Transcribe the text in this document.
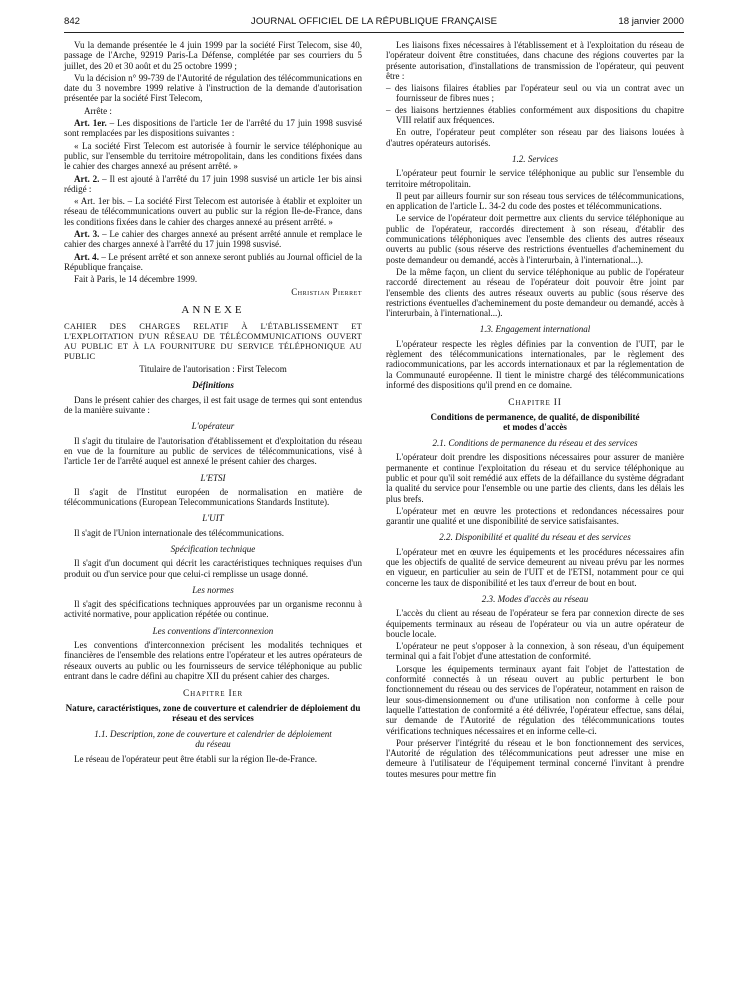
842	JOURNAL OFFICIEL DE LA RÉPUBLIQUE FRANÇAISE	18 janvier 2000

Vu la demande présentée le 4 juin 1999 par la société First Telecom, sise 40, passage de l'Arche, 92919 Paris-La Défense, complétée par ses courriers du 5 juillet, des 20 et 30 août et du 25 octobre 1999 ;

Vu la décision n° 99-739 de l'Autorité de régulation des télécommunications en date du 3 novembre 1999 relative à l'instruction de la demande d'autorisation présentée par la société First Telecom,

Arrête :

Art. 1er. – Les dispositions de l'article 1er de l'arrêté du 17 juin 1998 susvisé sont remplacées par les dispositions suivantes :

« La société First Telecom est autorisée à fournir le service téléphonique au public, sur l'ensemble du territoire métropolitain, dans les conditions fixées dans le cahier des charges annexé au présent arrêté. »

Art. 2. – Il est ajouté à l'arrêté du 17 juin 1998 susvisé un article 1er bis ainsi rédigé :

« Art. 1er bis. – La société First Telecom est autorisée à établir et exploiter un réseau de télécommunications ouvert au public sur la région Ile-de-France, dans les conditions fixées dans le cahier des charges annexé au présent arrêté. »

Art. 3. – Le cahier des charges annexé au présent arrêté annule et remplace le cahier des charges annexé à l'arrêté du 17 juin 1998 susvisé.

Art. 4. – Le présent arrêté et son annexe seront publiés au Journal officiel de la République française.

Fait à Paris, le 14 décembre 1999.

Christian Pierret
ANNEXE
CAHIER DES CHARGES RELATIF À L'ÉTABLISSEMENT ET L'EXPLOITATION D'UN RÉSEAU DE TÉLÉCOMMUNICATIONS OUVERT AU PUBLIC ET À LA FOURNITURE DU SERVICE TÉLÉPHONIQUE AU PUBLIC

Titulaire de l'autorisation : First Telecom

Définitions

Dans le présent cahier des charges, il est fait usage de termes qui sont entendus de la manière suivante :

L'opérateur

Il s'agit du titulaire de l'autorisation d'établissement et d'exploitation du réseau en vue de la fourniture au public de services de télécommunications, visé à l'article 1er de l'arrêté auquel est annexé le présent cahier des charges.

L'ETSI

Il s'agit de l'Institut européen de normalisation en matière de télécommunications (European Telecommunications Standards Institute).

L'UIT

Il s'agit de l'Union internationale des télécommunications.

Spécification technique

Il s'agit d'un document qui décrit les caractéristiques techniques requises d'un produit ou d'un service pour que celui-ci remplisse un usage donné.

Les normes

Il s'agit des spécifications techniques approuvées par un organisme reconnu à activité normative, pour application répétée ou continue.

Les conventions d'interconnexion

Les conventions d'interconnexion précisent les modalités techniques et financières de l'ensemble des relations entre l'opérateur et les autres opérateurs de réseaux ouverts au public ou les fournisseurs de service téléphonique au public entrant dans le cadre défini au chapitre XII du présent cahier des charges.

Chapitre Ier
Nature, caractéristiques, zone de couverture et calendrier de déploiement du réseau et des services
1.1. Description, zone de couverture et calendrier de déploiement du réseau

Le réseau de l'opérateur peut être établi sur la région Ile-de-France.

Les liaisons fixes nécessaires à l'établissement et à l'exploitation du réseau de l'opérateur doivent être constituées, dans chacune des régions couvertes par la présente autorisation, d'installations de transmission de l'opérateur, qui peuvent être :

– des liaisons filaires établies par l'opérateur seul ou via un contrat avec un fournisseur de fibres nues ;
– des liaisons hertziennes établies conformément aux dispositions du chapitre VIII relatif aux fréquences.

En outre, l'opérateur peut compléter son réseau par des liaisons louées à d'autres opérateurs autorisés.

1.2. Services

L'opérateur peut fournir le service téléphonique au public sur l'ensemble du territoire métropolitain.

Il peut par ailleurs fournir sur son réseau tous services de télécommunications, en application de l'article L. 34-2 du code des postes et télécommunications.

Le service de l'opérateur doit permettre aux clients du service téléphonique au public de l'opérateur, raccordés directement à son réseau, d'établir des communications téléphoniques avec l'ensemble des clients des autres réseaux ouverts au public (sous réserve des restrictions éventuelles d'acheminement du poste demandeur ou demandé, accès à l'interurbain, à l'international...).

De la même façon, un client du service téléphonique au public de l'opérateur raccordé directement au réseau de l'opérateur doit pouvoir être joint par l'ensemble des clients des autres réseaux ouverts au public (sous réserve des restrictions éventuelles d'acheminement du poste demandeur ou demandé, accès à l'interurbain, à l'international...).

1.3. Engagement international

L'opérateur respecte les règles définies par la convention de l'UIT, par le règlement des télécommunications internationales, par le règlement des radiocommunications, par les accords internationaux et par la réglementation de la Communauté européenne. Il tient le ministre chargé des télécommunications informé des dispositions qu'il prend en ce domaine.

Chapitre II
Conditions de permanence, de qualité, de disponibilité et modes d'accès
2.1. Conditions de permanence du réseau et des services

L'opérateur doit prendre les dispositions nécessaires pour assurer de manière permanente et continue l'exploitation du réseau et du service téléphonique au public et pour qu'il soit remédié aux effets de la défaillance du système dégradant la qualité du service pour l'ensemble ou une partie des clients, dans les délais les plus brefs.

L'opérateur met en œuvre les protections et redondances nécessaires pour garantir une qualité et une disponibilité de service satisfaisantes.

2.2. Disponibilité et qualité du réseau et des services

L'opérateur met en œuvre les équipements et les procédures nécessaires afin que les objectifs de qualité de service demeurent au niveau prévu par les normes en vigueur, en particulier au sein de l'UIT et de l'ETSI, notamment pour ce qui concerne les taux de disponibilité et les taux d'erreur de bout en bout.

2.3. Modes d'accès au réseau

L'accès du client au réseau de l'opérateur se fera par connexion directe de ses équipements terminaux au réseau de l'opérateur ou via un autre opérateur de boucle locale.

L'opérateur ne peut s'opposer à la connexion, à son réseau, d'un équipement terminal qui a fait l'objet d'une attestation de conformité.

Lorsque les équipements terminaux ayant fait l'objet de l'attestation de conformité connectés à un réseau ouvert au public perturbent le bon fonctionnement du réseau ou des services de l'opérateur, notamment en raison de leur sous-dimensionnement ou d'une utilisation non conforme à celle pour laquelle l'attestation de conformité a été délivrée, l'opérateur effectue, sans délai, sur demande de l'Autorité de régulation des télécommunications toutes vérifications techniques nécessaires et en informe celle-ci.

Pour préserver l'intégrité du réseau et le bon fonctionnement des services, l'Autorité de régulation des télécommunications peut adresser une mise en demeure à l'utilisateur de l'équipement terminal concerné l'invitant à prendre toutes mesures pour mettre fin
